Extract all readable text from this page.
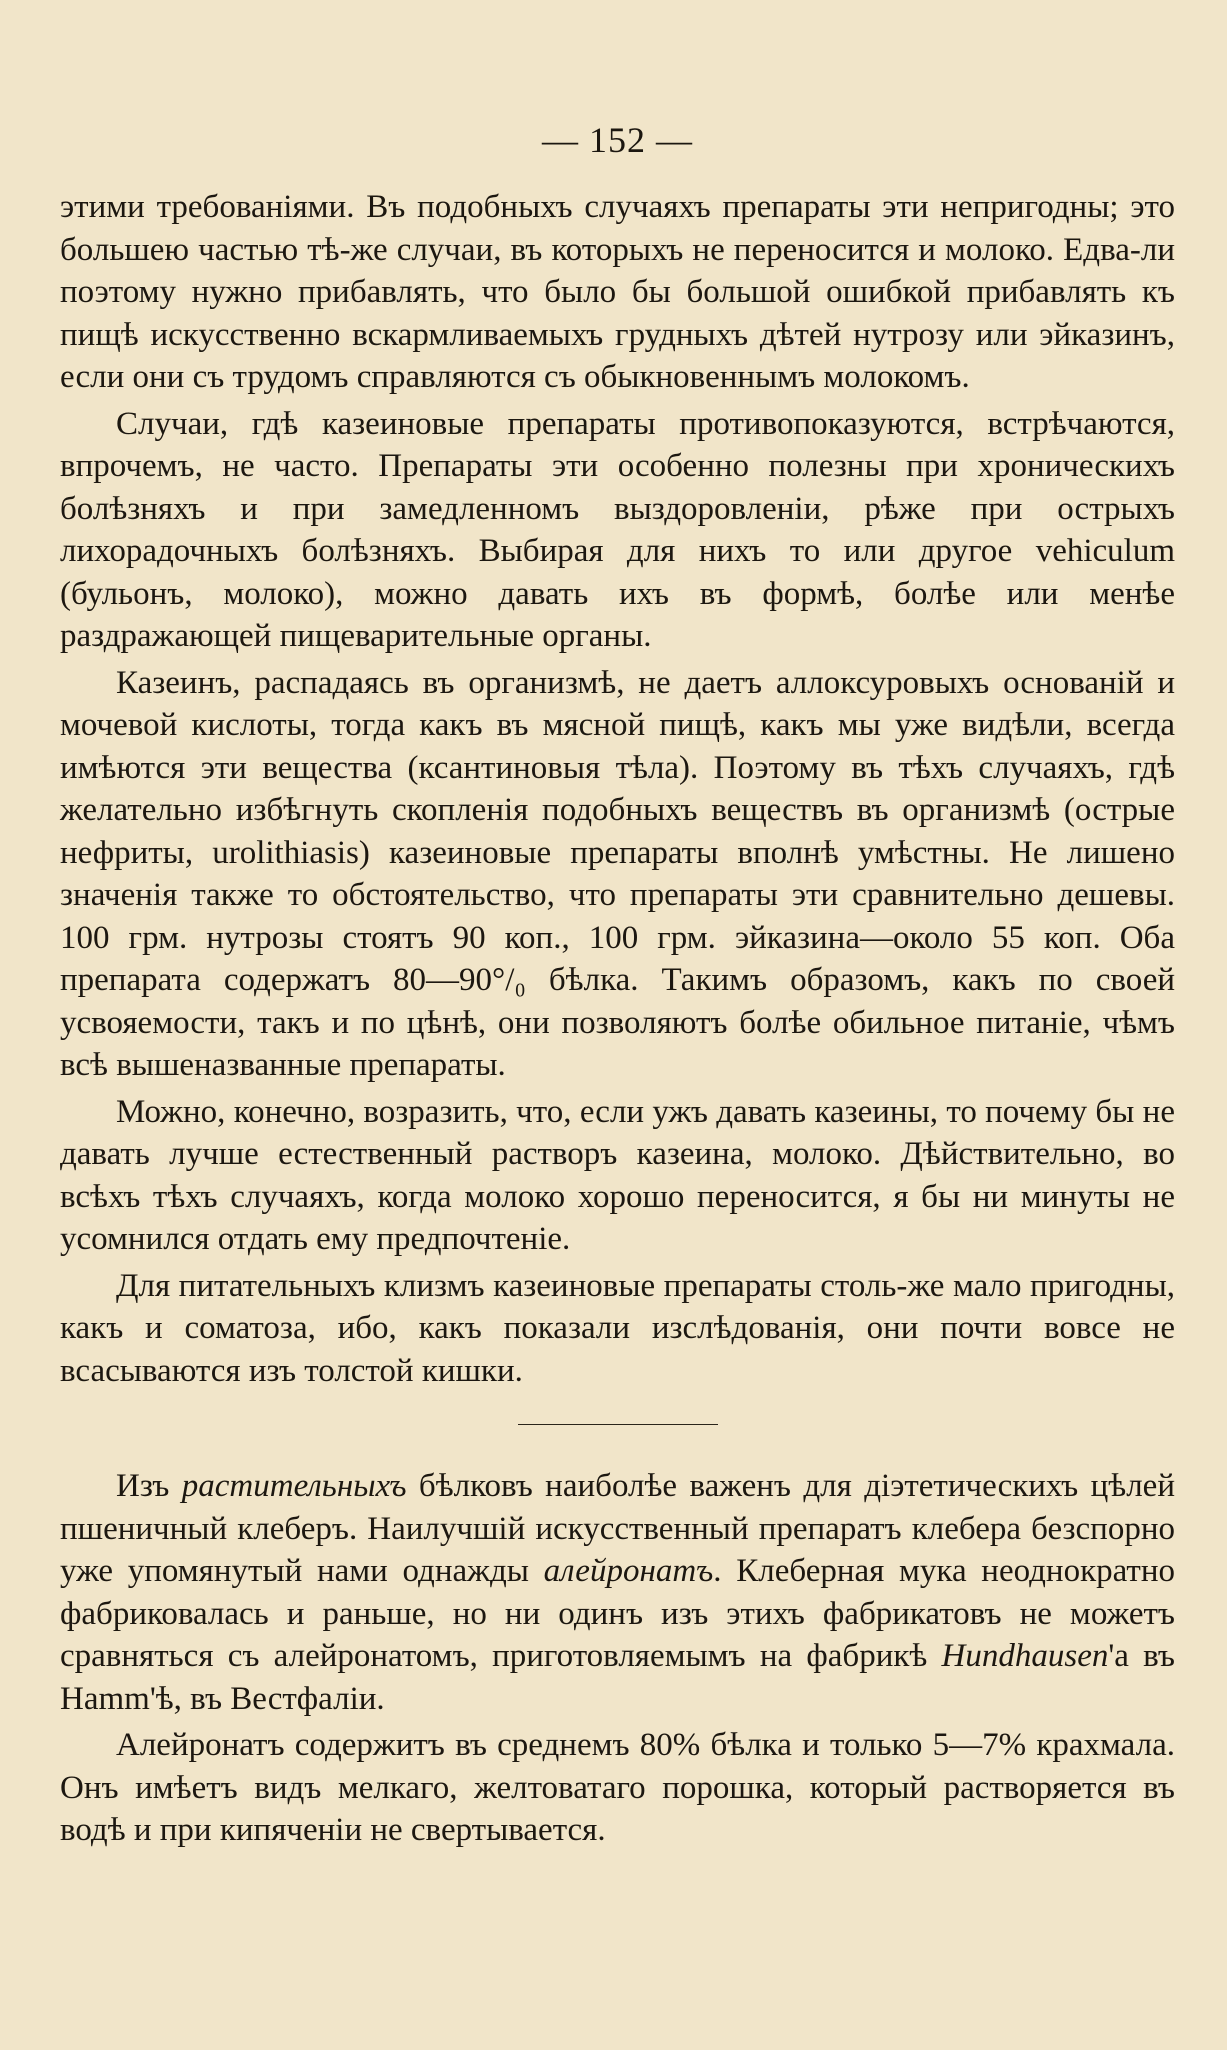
— 152 —

этими требованіями. Въ подобныхъ случаяхъ препараты эти непригодны; это большею частью тѣ-же случаи, въ которыхъ не переносится и молоко. Едва-ли поэтому нужно прибавлять, что было бы большой ошибкой прибавлять къ пищѣ искусственно вскармливаемыхъ грудныхъ дѣтей нутрозу или эйказинъ, если они съ трудомъ справляются съ обыкновеннымъ молокомъ.

Случаи, гдѣ казеиновые препараты противопоказуются, встрѣчаются, впрочемъ, не часто. Препараты эти особенно полезны при хроническихъ болѣзняхъ и при замедленномъ выздоровленіи, рѣже при острыхъ лихорадочныхъ болѣзняхъ. Выбирая для нихъ то или другое vehiculum (бульонъ, молоко), можно давать ихъ въ формѣ, болѣе или менѣе раздражающей пищеварительные органы.

Казеинъ, распадаясь въ организмѣ, не даетъ аллоксуровыхъ основаній и мочевой кислоты, тогда какъ въ мясной пищѣ, какъ мы уже видѣли, всегда имѣются эти вещества (ксантиновыя тѣла). Поэтому въ тѣхъ случаяхъ, гдѣ желательно избѣгнуть скопленія подобныхъ веществъ въ организмѣ (острые нефриты, urolithiasis) казеиновые препараты вполнѣ умѣстны. Не лишено значенія также то обстоятельство, что препараты эти сравнительно дешевы. 100 грм. нутрозы стоятъ 90 коп., 100 грм. эйказина—около 55 коп. Оба препарата содержатъ 80—90°/₀ бѣлка. Такимъ образомъ, какъ по своей усвояемости, такъ и по цѣнѣ, они позволяютъ болѣе обильное питаніе, чѣмъ всѣ вышеназванные препараты.

Можно, конечно, возразить, что, если ужъ давать казеины, то почему бы не давать лучше естественный растворъ казеина, молоко. Дѣйствительно, во всѣхъ тѣхъ случаяхъ, когда молоко хорошо переносится, я бы ни минуты не усомнился отдать ему предпочтеніе.

Для питательныхъ клизмъ казеиновые препараты столь-же мало пригодны, какъ и соматоза, ибо, какъ показали изслѣдованія, они почти вовсе не всасываются изъ толстой кишки.

Изъ растительныхъ бѣлковъ наиболѣе важенъ для діэтетическихъ цѣлей пшеничный клеберъ. Наилучшій искусственный препаратъ клебера безспорно уже упомянутый нами однажды алейронатъ. Клеберная мука неоднократно фабриковалась и раньше, но ни одинъ изъ этихъ фабрикатовъ не можетъ сравняться съ алейронатомъ, приготовляемымъ на фабрикѣ Hundhausen'а въ Hamm'ѣ, въ Вестфаліи.

Алейронатъ содержитъ въ среднемъ 80% бѣлка и только 5—7% крахмала. Онъ имѣетъ видъ мелкаго, желтоватаго порошка, который растворяется въ водѣ и при кипяченіи не свертывается.
